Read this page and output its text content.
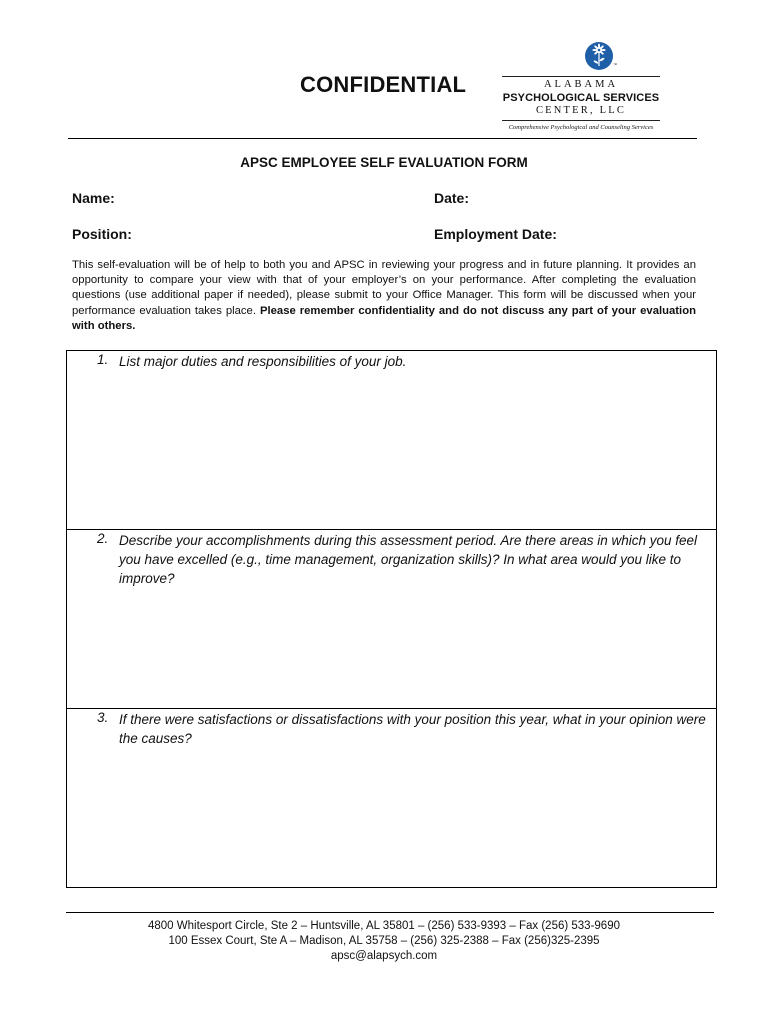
CONFIDENTIAL
™
ALABAMA
PSYCHOLOGICAL SERVICES
CENTER, LLC
Comprehensive Psychological and Counseling Services
APSC EMPLOYEE SELF EVALUATION FORM
Name:	Date:
Position:	Employment Date:
This self-evaluation will be of help to both you and APSC in reviewing your progress and in future planning. It provides an opportunity to compare your view with that of your employer’s on your performance. After completing the evaluation questions (use additional paper if needed), please submit to your Office Manager. This form will be discussed when your performance evaluation takes place. Please remember confidentiality and do not discuss any part of your evaluation with others.
1. List major duties and responsibilities of your job.
2. Describe your accomplishments during this assessment period. Are there areas in which you feel you have excelled (e.g., time management, organization skills)? In what area would you like to improve?
3. If there were satisfactions or dissatisfactions with your position this year, what in your opinion were the causes?
4800 Whitesport Circle, Ste 2 – Huntsville, AL 35801 – (256) 533-9393 – Fax (256) 533-9690
100 Essex Court, Ste A – Madison, AL 35758 – (256) 325-2388 – Fax (256)325-2395
apsc@alapsych.com
